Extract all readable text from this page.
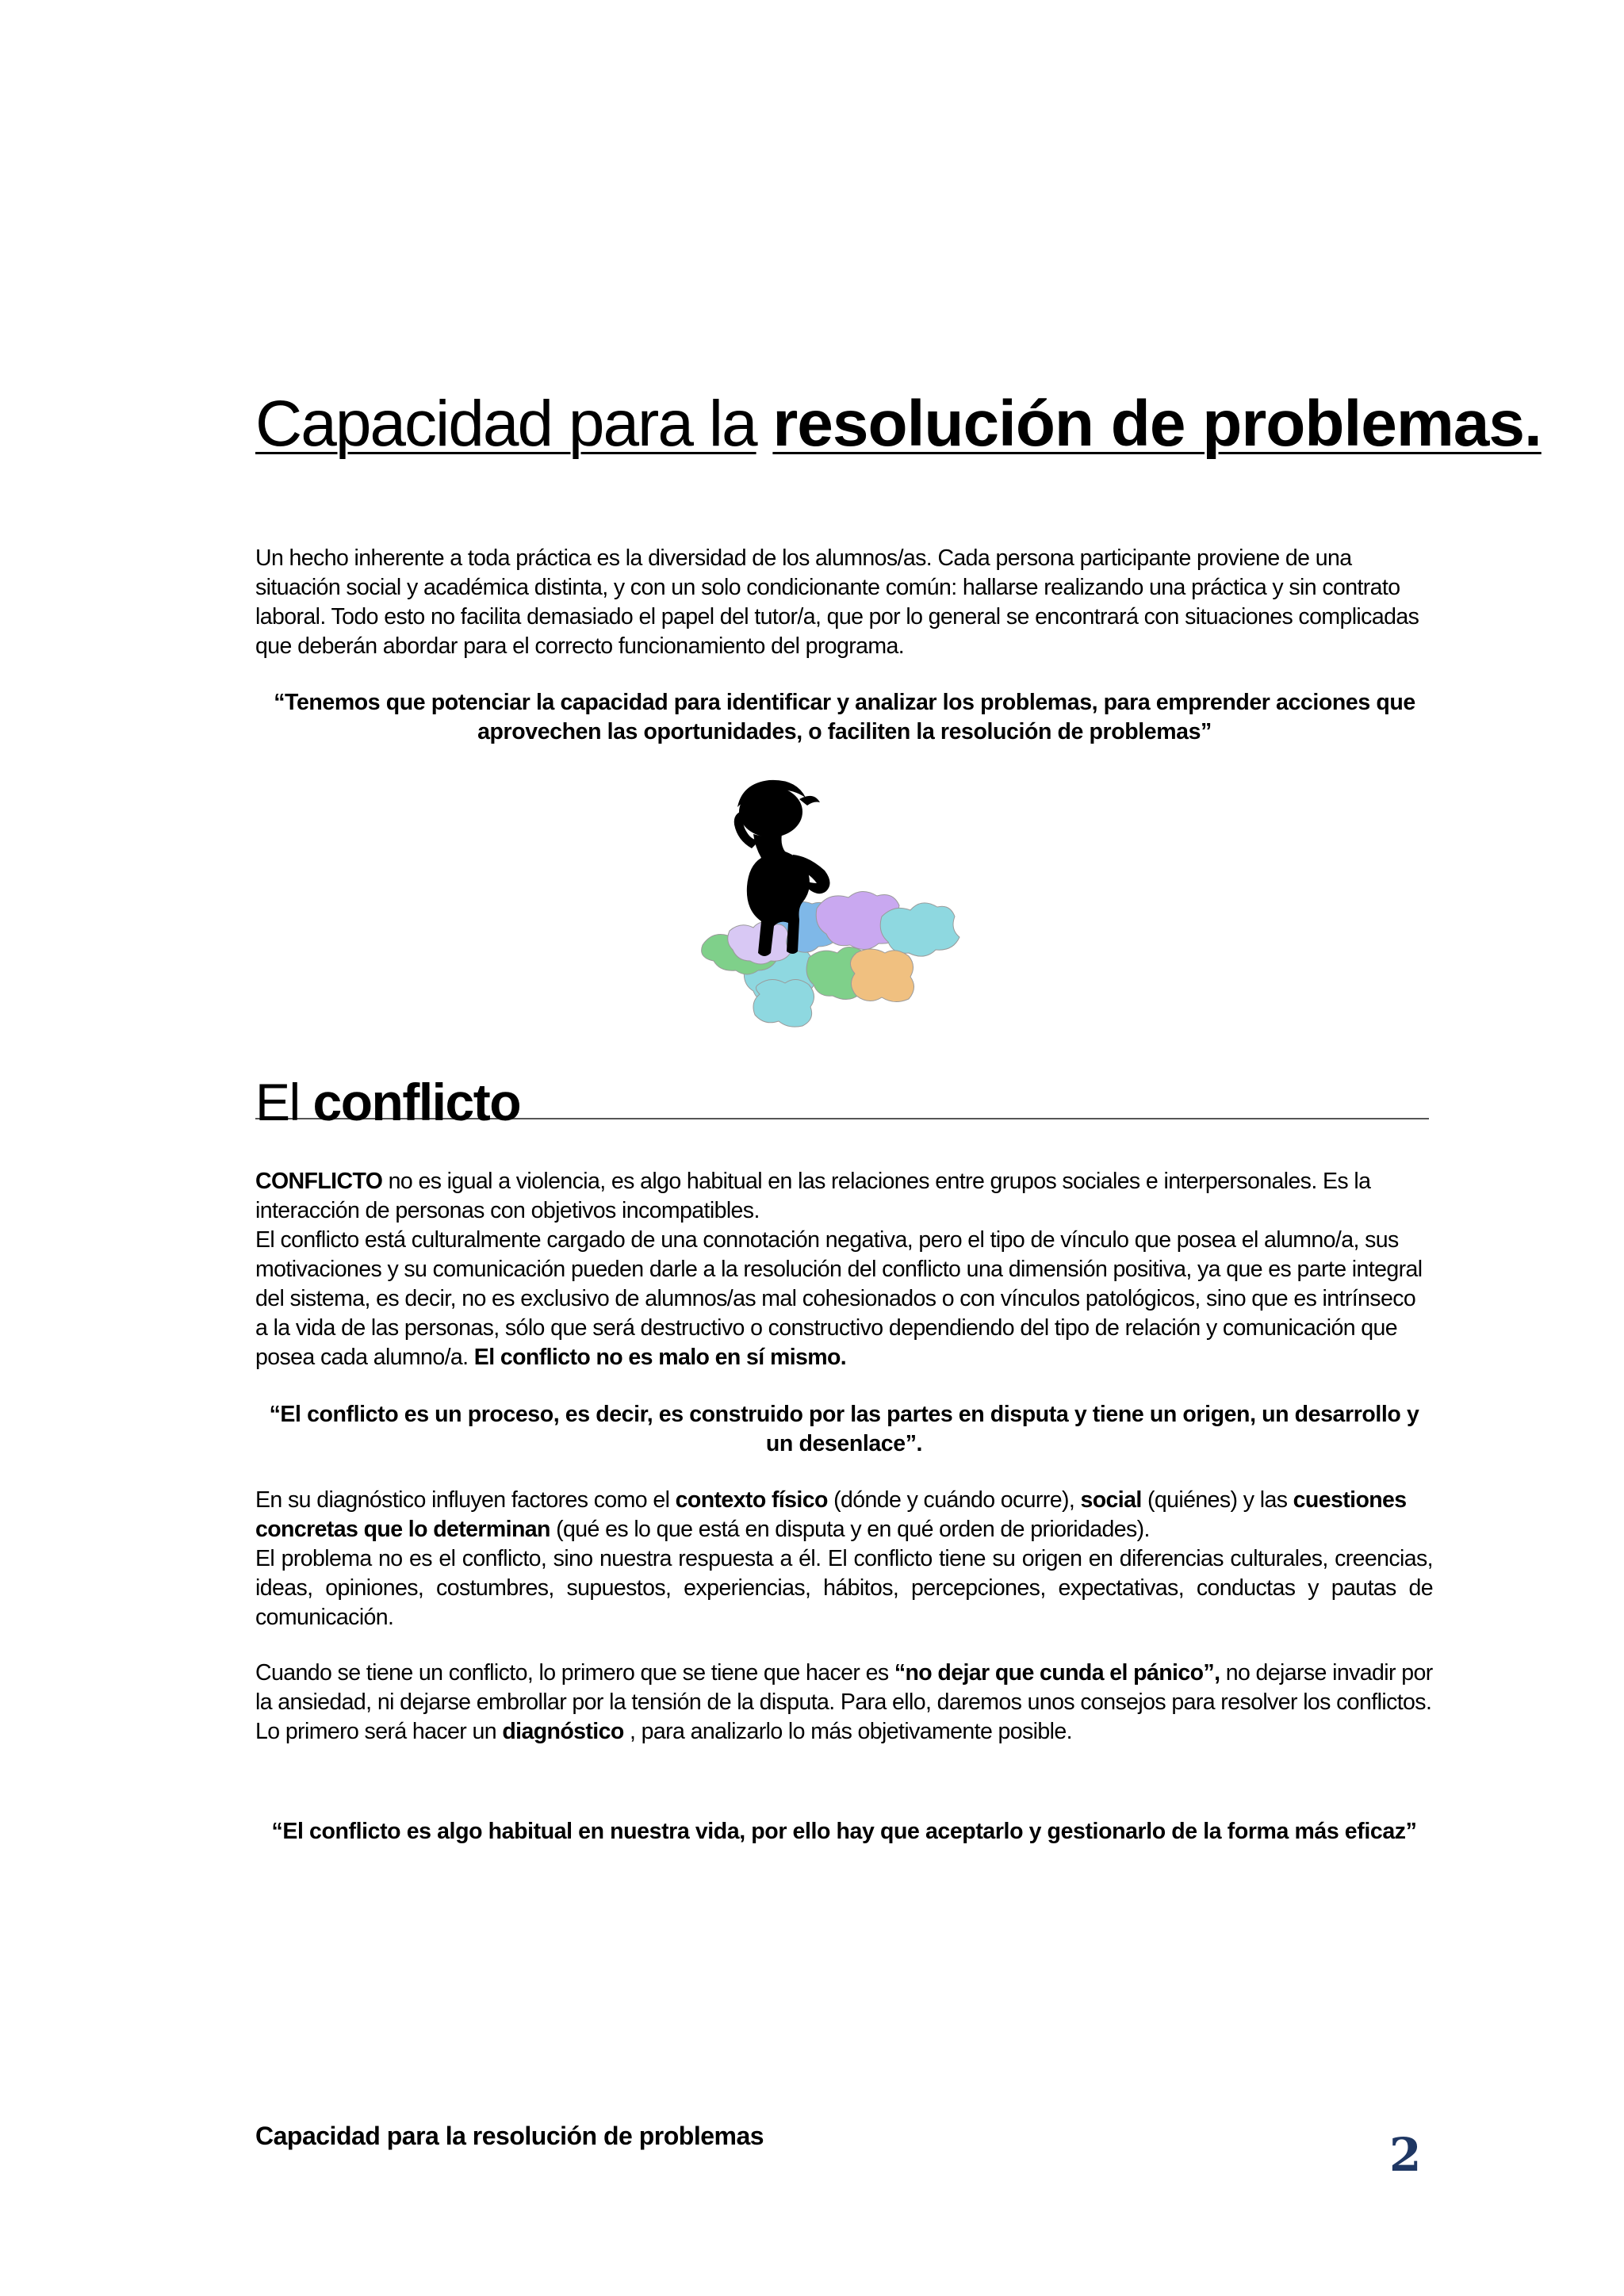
Capacidad para la resolución de problemas.

Un hecho inherente a toda práctica es la diversidad de los alumnos/as. Cada persona participante proviene de una situación social y académica distinta, y con un solo condicionante común: hallarse realizando una práctica y sin contrato laboral. Todo esto no facilita demasiado el papel del tutor/a, que por lo general se encontrará con situaciones complicadas que deberán abordar para el correcto funcionamiento del programa.

“Tenemos que potenciar la capacidad para identificar y analizar los problemas, para emprender acciones que aprovechen las oportunidades, o faciliten la resolución de problemas”

El conflicto
CONFLICTO no es igual a violencia, es algo habitual en las relaciones entre grupos sociales e interpersonales. Es la interacción de personas con objetivos incompatibles.
El conflicto está culturalmente cargado de una connotación negativa, pero el tipo de vínculo que posea el alumno/a, sus motivaciones y su comunicación pueden darle a la resolución del conflicto una dimensión positiva, ya que es parte integral del sistema, es decir, no es exclusivo de alumnos/as mal cohesionados o con vínculos patológicos, sino que es intrínseco a la vida de las personas, sólo que será destructivo o constructivo dependiendo del tipo de relación y comunicación que posea cada alumno/a. El conflicto no es malo en sí mismo.

“El conflicto es un proceso, es decir, es construido por las partes en disputa y tiene un origen, un desarrollo y un desenlace”.

En su diagnóstico influyen factores como el contexto físico (dónde y cuándo ocurre), social (quiénes) y las cuestiones concretas que lo determinan (qué es lo que está en disputa y en qué orden de prioridades).

El problema no es el conflicto, sino nuestra respuesta a él. El conflicto tiene su origen en diferencias culturales, creencias, ideas, opiniones, costumbres, supuestos, experiencias, hábitos, percepciones, expectativas, conductas y pautas de comunicación.

Cuando se tiene un conflicto, lo primero que se tiene que hacer es “no dejar que cunda el pánico”, no dejarse invadir por la ansiedad, ni dejarse embrollar por la tensión de la disputa. Para ello, daremos unos consejos para resolver los conflictos. Lo primero será hacer un diagnóstico , para analizarlo lo más objetivamente posible.

“El conflicto es algo habitual en nuestra vida, por ello hay que aceptarlo y gestionarlo de la forma más eficaz”

Capacidad para la resolución de problemas	2
